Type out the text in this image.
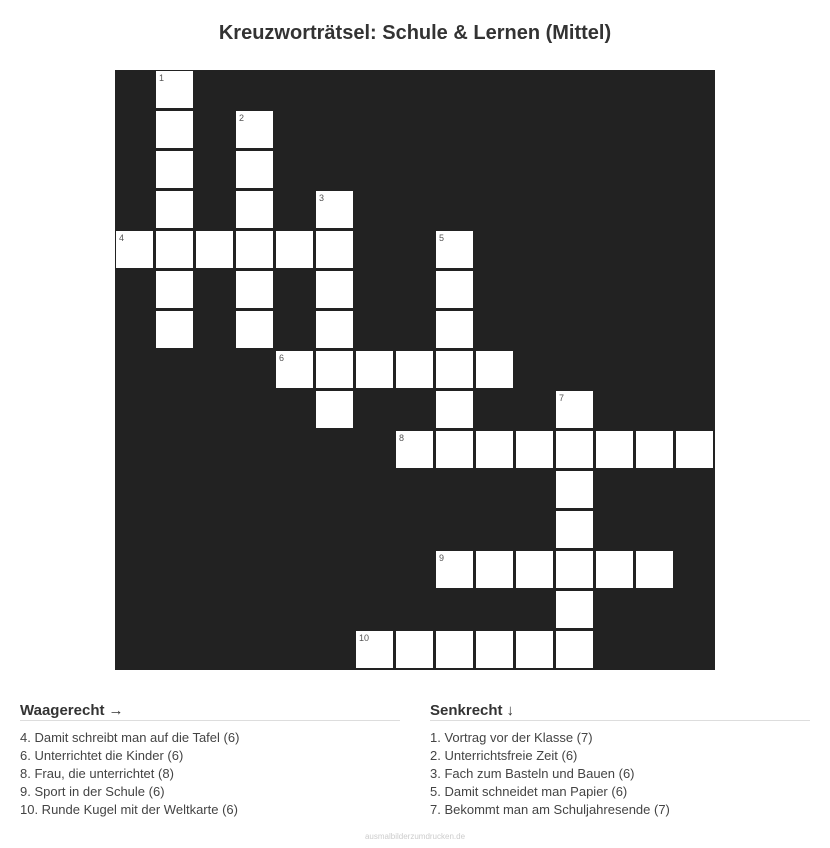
Kreuzworträtsel: Schule & Lernen (Mittel)
1
2
3
4	5
6
7
8
9
10
Waagerecht →
4. Damit schreibt man auf die Tafel (6)
6. Unterrichtet die Kinder (6)
8. Frau, die unterrichtet (8)
9. Sport in der Schule (6)
10. Runde Kugel mit der Weltkarte (6)
Senkrecht ↓
1. Vortrag vor der Klasse (7)
2. Unterrichtsfreie Zeit (6)
3. Fach zum Basteln und Bauen (6)
5. Damit schneidet man Papier (6)
7. Bekommt man am Schuljahresende (7)
ausmalbilderzumdrucken.de
